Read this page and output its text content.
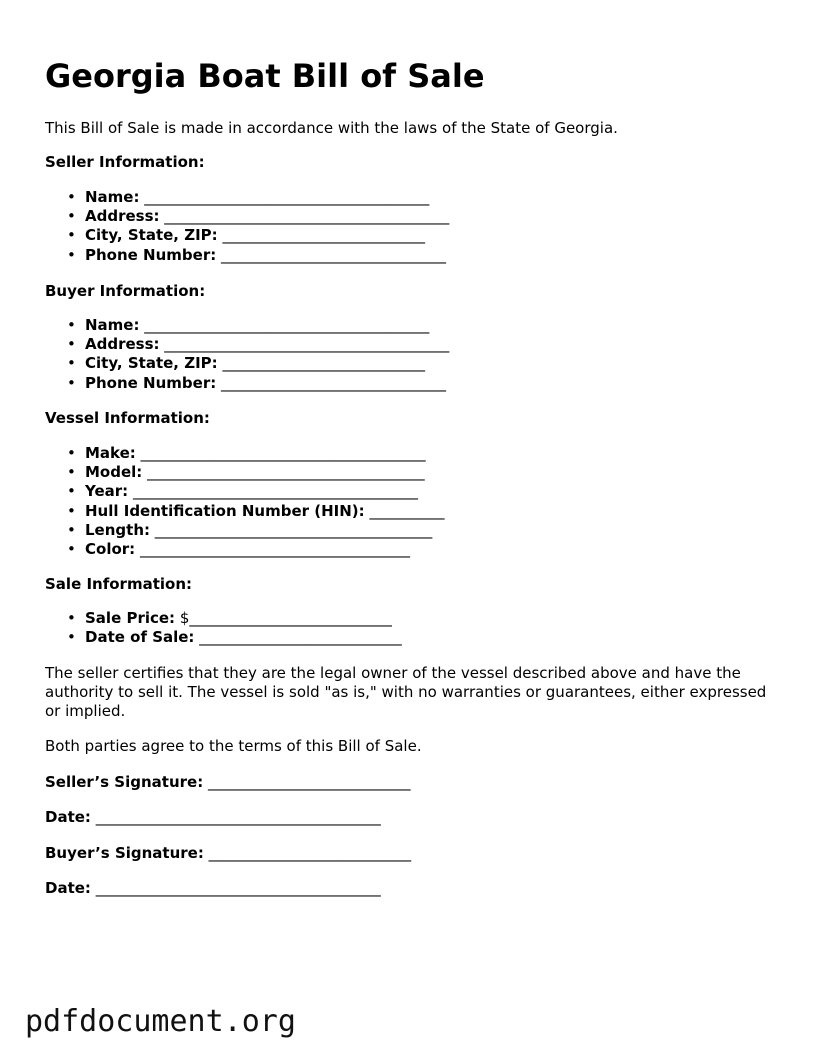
Georgia Boat Bill of Sale

This Bill of Sale is made in accordance with the laws of the State of Georgia.

Seller Information:

• Name: ______________________________________
• Address: ______________________________________
• City, State, ZIP: ___________________________
• Phone Number: ______________________________

Buyer Information:

• Name: ______________________________________
• Address: ______________________________________
• City, State, ZIP: ___________________________
• Phone Number: ______________________________

Vessel Information:

• Make: ______________________________________
• Model: _____________________________________
• Year: ______________________________________
• Hull Identification Number (HIN): __________
• Length: _____________________________________
• Color: ____________________________________

Sale Information:

• Sale Price: $___________________________
• Date of Sale: ___________________________

The seller certifies that they are the legal owner of the vessel described above and have the authority to sell it. The vessel is sold "as is," with no warranties or guarantees, either expressed or implied.

Both parties agree to the terms of this Bill of Sale.

Seller’s Signature: ___________________________

Date: ______________________________________

Buyer’s Signature: ___________________________

Date: ______________________________________

pdfdocument.org
